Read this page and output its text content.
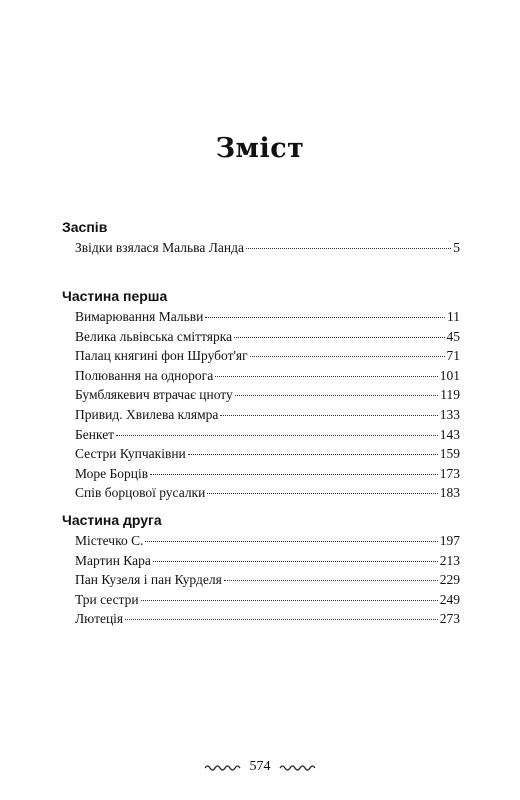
Зміст
Заспів
Звідки взялася Мальва Ланда	5
Частина перша
Вимарювання Мальви	11
Велика львівська сміттярка	45
Палац княгині фон Шрубот'яг	71
Полювання на однорога	101
Бумблякевич втрачає цноту	119
Привид. Хвилева клямра	133
Бенкет	143
Сестри Купчаківни	159
Море Борців	173
Спів борцової русалки	183
Частина друга
Містечко С.	197
Мартин Кара	213
Пан Кузеля і пан Курделя	229
Три сестри	249
Лютеція	273
574
